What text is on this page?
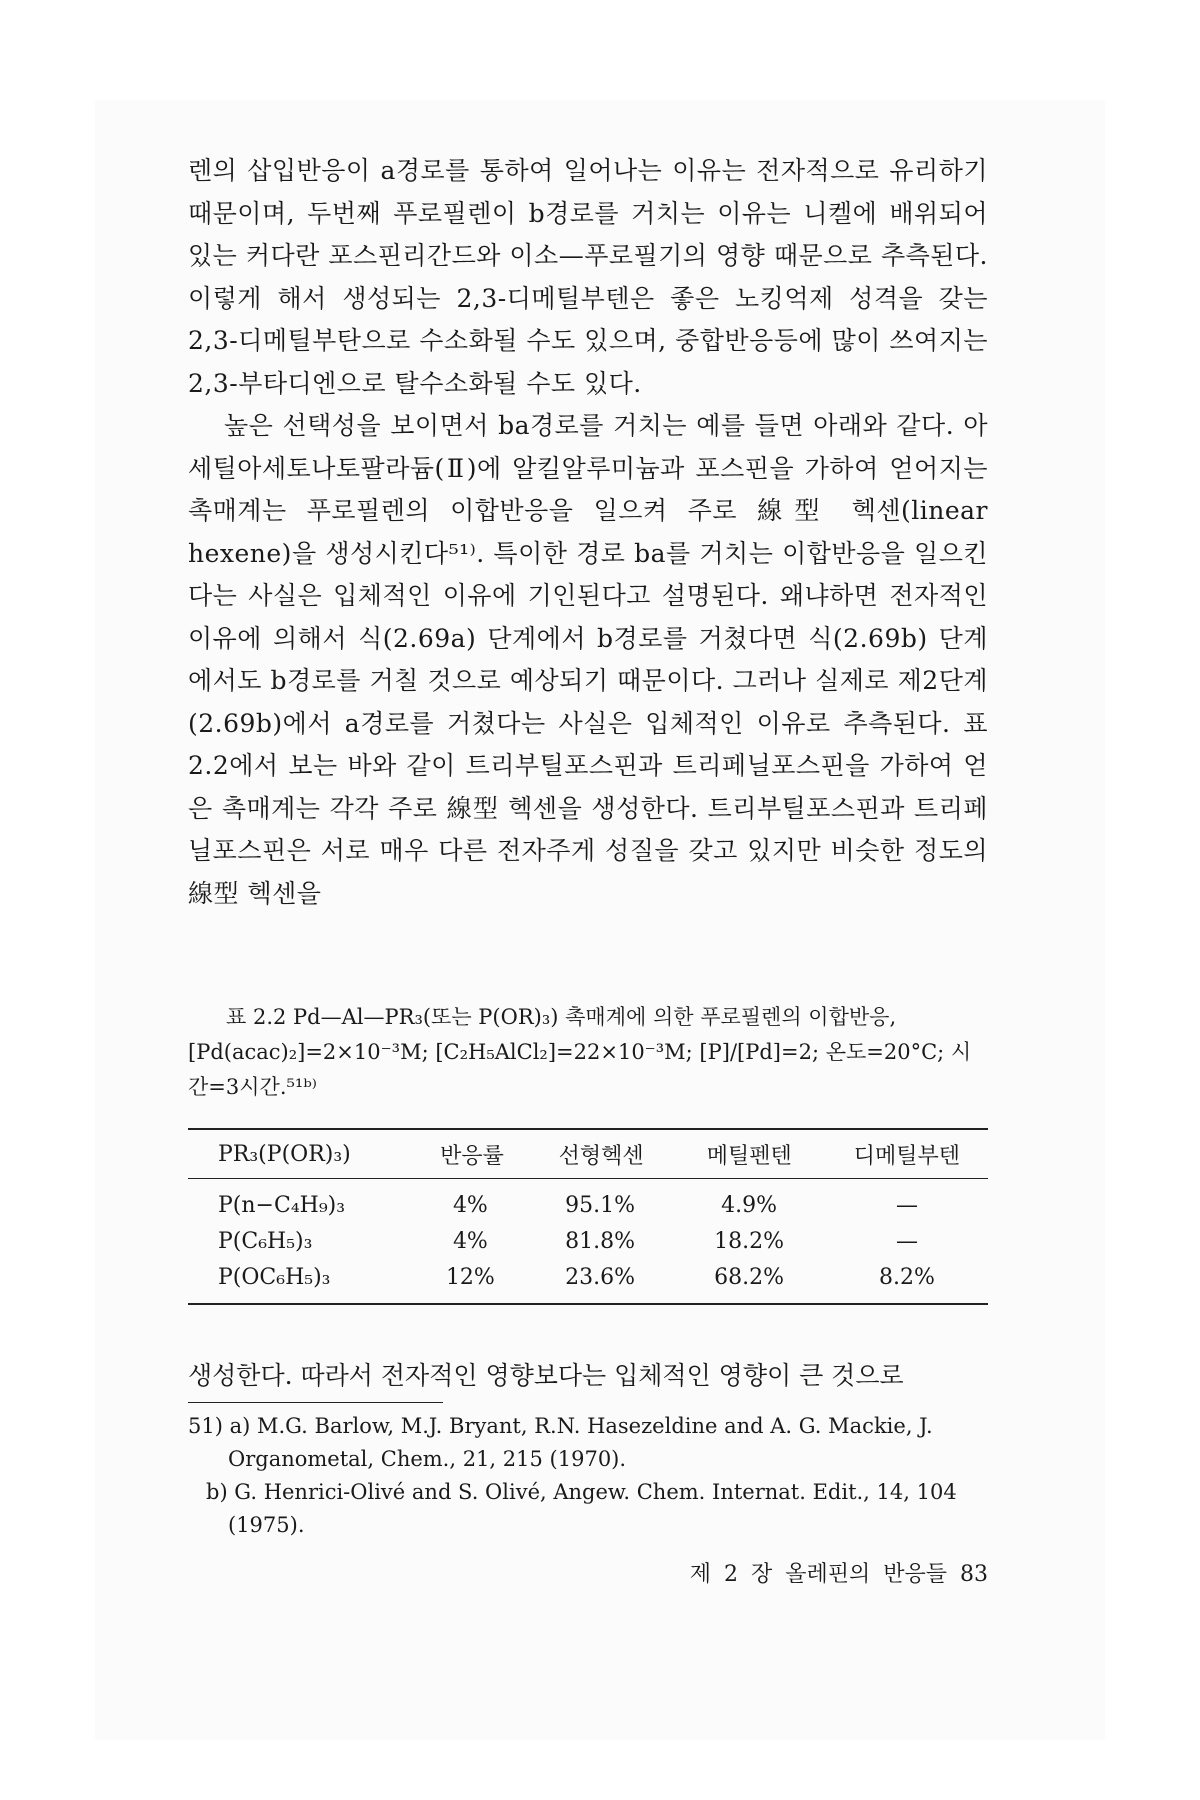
렌의 삽입반응이 a경로를 통하여 일어나는 이유는 전자적으로 유리하기 때문이며, 두번째 푸로필렌이 b경로를 거치는 이유는 니켈에 배위되어 있는 커다란 포스핀리간드와 이소—푸로필기의 영향 때문으로 추측된다. 이렇게 해서 생성되는 2,3-디메틸부텐은 좋은 노킹억제 성격을 갖는 2,3-디메틸부탄으로 수소화될 수도 있으며, 중합반응등에 많이 쓰여지는 2,3-부타디엔으로 탈수소화될 수도 있다.

높은 선택성을 보이면서 ba경로를 거치는 예를 들면 아래와 같다. 아세틸아세토나토팔라듐(Ⅱ)에 알킬알루미늄과 포스핀을 가하여 얻어지는 촉매계는 푸로필렌의 이합반응을 일으켜 주로 線型 헥센(linear hexene)을 생성시킨다⁵¹⁾. 특이한 경로 ba를 거치는 이합반응을 일으킨다는 사실은 입체적인 이유에 기인된다고 설명된다. 왜냐하면 전자적인 이유에 의해서 식(2.69a) 단계에서 b경로를 거쳤다면 식(2.69b) 단계에서도 b경로를 거칠 것으로 예상되기 때문이다. 그러나 실제로 제2단계(2.69b)에서 a경로를 거쳤다는 사실은 입체적인 이유로 추측된다. 표 2.2에서 보는 바와 같이 트리부틸포스핀과 트리페닐포스핀을 가하여 얻은 촉매계는 각각 주로 線型 헥센을 생성한다. 트리부틸포스핀과 트리페닐포스핀은 서로 매우 다른 전자주게 성질을 갖고 있지만 비슷한 정도의 線型 헥센을

표 2.2 Pd—Al—PR₃(또는 P(OR)₃) 촉매계에 의한 푸로필렌의 이합반응, [Pd(acac)₂]=2×10⁻³M; [C₂H₅AlCl₂]=22×10⁻³M; [P]/[Pd]=2; 온도=20°C; 시간=3시간.⁵¹ᵇ⁾
PR₃(P(OR)₃)	반응률	선형헥센	메틸펜텐	디메틸부텐
P(n−C₄H₉)₃	4%	95.1%	4.9%	—
P(C₆H₅)₃	4%	81.8%	18.2%	—
P(OC₆H₅)₃	12%	23.6%	68.2%	8.2%
생성한다. 따라서 전자적인 영향보다는 입체적인 영향이 큰 것으로
51) a) M.G. Barlow, M.J. Bryant, R.N. Hasezeldine and A. G. Mackie, J. Organometal, Chem., 21, 215 (1970).
b) G. Henrici-Olivé and S. Olivé, Angew. Chem. Internat. Edit., 14, 104 (1975).
제 2 장 올레핀의 반응들 83
